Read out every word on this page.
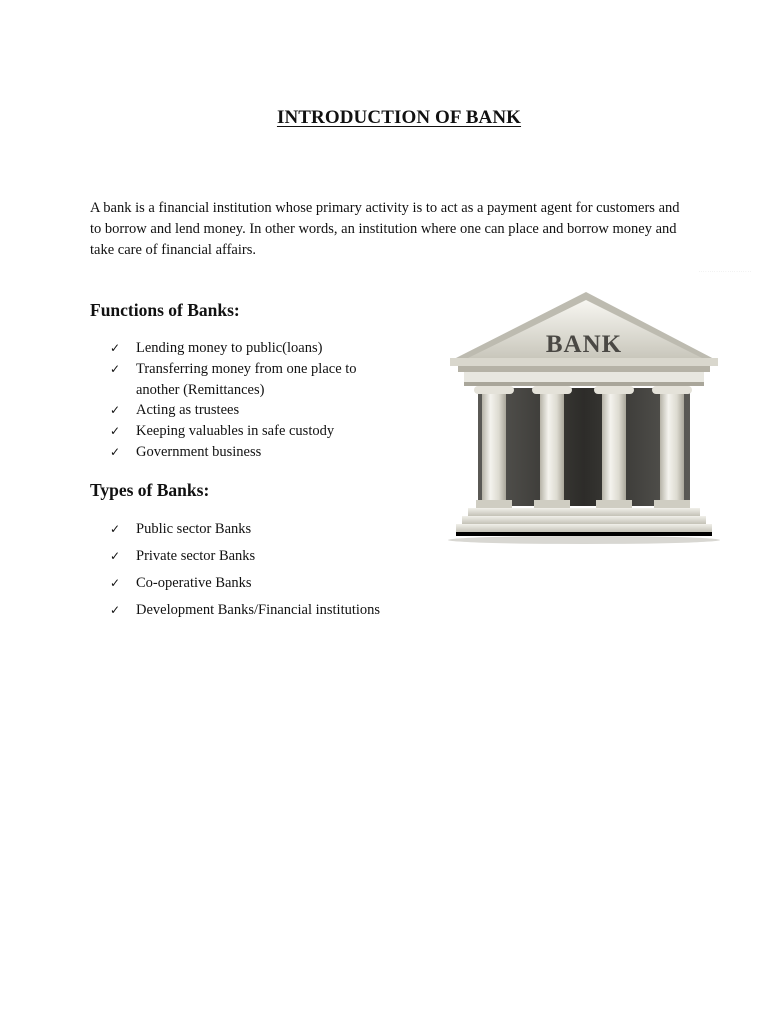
INTRODUCTION OF BANK

A bank is a financial institution whose primary activity is to act as a payment agent for customers and to borrow and lend money. In other words, an institution where one can place and borrow money and take care of financial affairs.

Functions of Banks:
✓ Lending money to public(loans)
✓ Transferring money from one place to another (Remittances)
✓ Acting as trustees
✓ Keeping valuables in safe custody
✓ Government business
Types of Banks:
✓ Public sector Banks
✓ Private sector Banks
✓ Co-operative Banks
✓ Development Banks/Financial institutions
· · · · · · · · · · · · · · · · · · · · · · · ·
BANK
